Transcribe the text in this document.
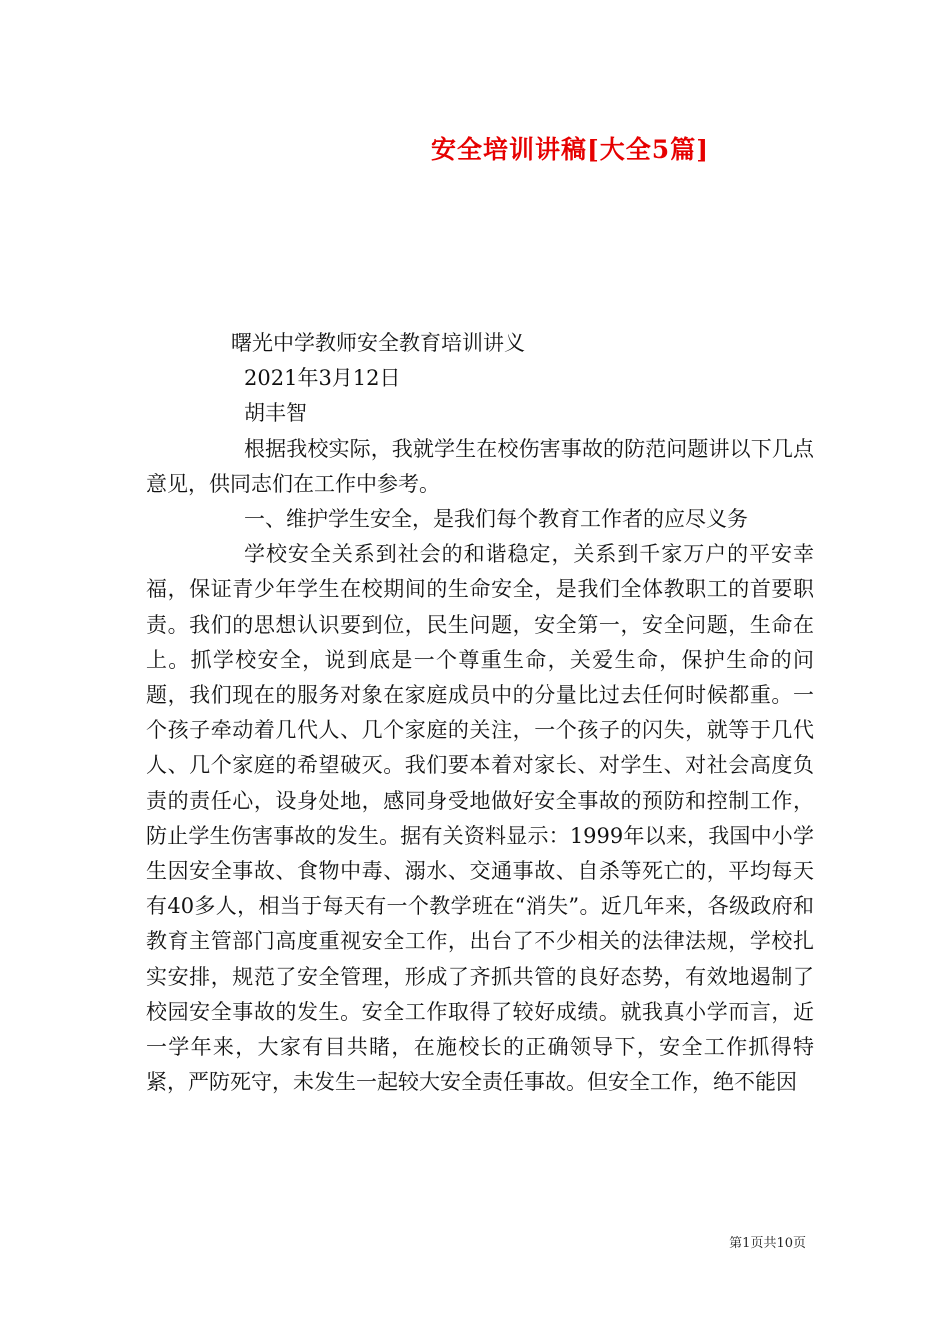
安全培训讲稿[大全5篇]
曙光中学教师安全教育培训讲义
2021年3月12日
胡丰智

根据我校实际，我就学生在校伤害事故的防范问题讲以下几点意见，供同志们在工作中参考。

一、维护学生安全，是我们每个教育工作者的应尽义务

学校安全关系到社会的和谐稳定，关系到千家万户的平安幸福，保证青少年学生在校期间的生命安全，是我们全体教职工的首要职责。我们的思想认识要到位，民生问题，安全第一，安全问题，生命在上。抓学校安全，说到底是一个尊重生命，关爱生命，保护生命的问题，我们现在的服务对象在家庭成员中的分量比过去任何时候都重。一个孩子牵动着几代人、几个家庭的关注，一个孩子的闪失，就等于几代人、几个家庭的希望破灭。我们要本着对家长、对学生、对社会高度负责的责任心，设身处地，感同身受地做好安全事故的预防和控制工作，防止学生伤害事故的发生。据有关资料显示：1999年以来，我国中小学生因安全事故、食物中毒、溺水、交通事故、自杀等死亡的，平均每天有40多人，相当于每天有一个教学班在“消失”。近几年来，各级政府和教育主管部门高度重视安全工作，出台了不少相关的法律法规，学校扎实安排，规范了安全管理，形成了齐抓共管的良好态势，有效地遏制了校园安全事故的发生。安全工作取得了较好成绩。就我真小学而言，近一学年来，大家有目共睹，在施校长的正确领导下，安全工作抓得特紧，严防死守，未发生一起较大安全责任事故。但安全工作，绝不能因

第1页共10页
